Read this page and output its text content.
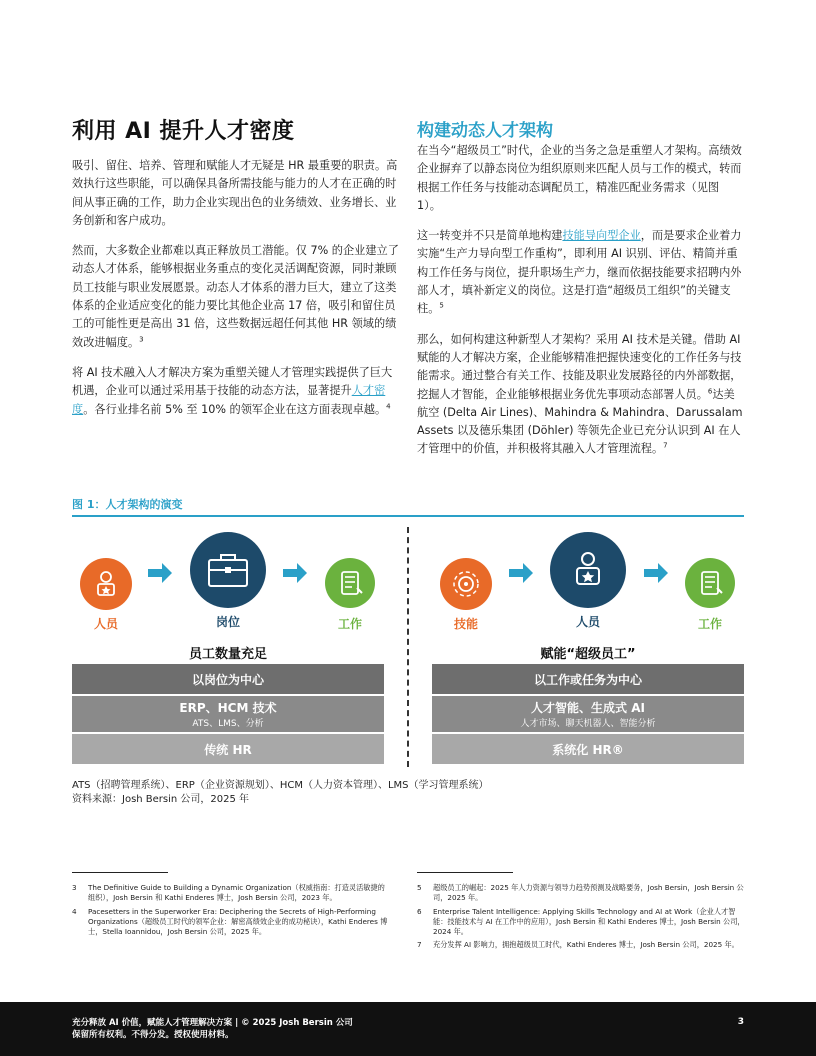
利用 AI 提升人才密度

吸引、留住、培养、管理和赋能人才无疑是 HR 最重要的职责。高效执行这些职能，可以确保具备所需技能与能力的人才在正确的时间从事正确的工作，助力企业实现出色的业务绩效、业务增长、业务创新和客户成功。

然而，大多数企业都难以真正释放员工潜能。仅 7% 的企业建立了动态人才体系，能够根据业务重点的变化灵活调配资源，同时兼顾员工技能与职业发展愿景。动态人才体系的潜力巨大，建立了这类体系的企业适应变化的能力要比其他企业高 17 倍，吸引和留住员工的可能性更是高出 31 倍，这些数据远超任何其他 HR 领域的绩效改进幅度。$^3$

将 AI 技术融入人才解决方案为重塑关键人才管理实践提供了巨大机遇，企业可以通过采用基于技能的动态方法，显著提升人才密度。各行业排名前 5% 至 10% 的领军企业在这方面表现卓越。$^4$

构建动态人才架构

在当今“超级员工”时代，企业的当务之急是重塑人才架构。高绩效企业摒弃了以静态岗位为组织原则来匹配人员与工作的模式，转而根据工作任务与技能动态调配员工，精准匹配业务需求（见图 1）。

这一转变并不只是简单地构建技能导向型企业，而是要求企业着力实施“生产力导向型工作重构”，即利用 AI 识别、评估、精简并重构工作任务与岗位，提升职场生产力，继而依据技能要求招聘内外部人才，填补新定义的岗位。这是打造“超级员工组织”的关键支柱。$^5$

那么，如何构建这种新型人才架构？采用 AI 技术是关键。借助 AI 赋能的人才解决方案，企业能够精准把握快速变化的工作任务与技能需求。通过整合有关工作、技能及职业发展路径的内外部数据，挖掘人才智能，企业能够根据业务优先事项动态部署人员。$^6$达美航空 (Delta Air Lines)、Mahindra & Mahindra、Darussalam Assets 以及德乐集团 (Döhler) 等领先企业已充分认识到 AI 在人才管理中的价值，并积极将其融入人才管理流程。$^7$

图 1：人才架构的演变
人员	岗位	工作
员工数量充足
以岗位为中心
ERP、HCM 技术
ATS、LMS、分析
传统 HR
技能	人员	工作
赋能“超级员工”
以工作或任务为中心
人才智能、生成式 AI
人才市场、聊天机器人、智能分析
系统化 HR®
ATS（招聘管理系统）、ERP（企业资源规划）、HCM（人力资本管理）、LMS（学习管理系统）
资料来源：Josh Bersin 公司，2025 年
3 The Definitive Guide to Building a Dynamic Organization（权威指南：打造灵活敏捷的组织），Josh Bersin 和 Kathi Enderes 博士，Josh Bersin 公司，2023 年。
4 Pacesetters in the Superworker Era: Deciphering the Secrets of High-Performing Organizations（超级员工时代的领军企业：解密高绩效企业的成功秘诀），Kathi Enderes 博士，Stella Ioannidou，Josh Bersin 公司，2025 年。
5 超级员工的崛起：2025 年人力资源与领导力趋势预测及战略要务，Josh Bersin，Josh Bersin 公司，2025 年。
6 Enterprise Talent Intelligence: Applying Skills Technology and AI at Work（企业人才智能：技能技术与 AI 在工作中的应用），Josh Bersin 和 Kathi Enderes 博士，Josh Bersin 公司，2024 年。
7 充分发挥 AI 影响力，拥抱超级员工时代，Kathi Enderes 博士，Josh Bersin 公司，2025 年。
充分释放 AI 价值，赋能人才管理解决方案 | © 2025 Josh Bersin 公司
保留所有权利。不得分发。授权使用材料。
3
